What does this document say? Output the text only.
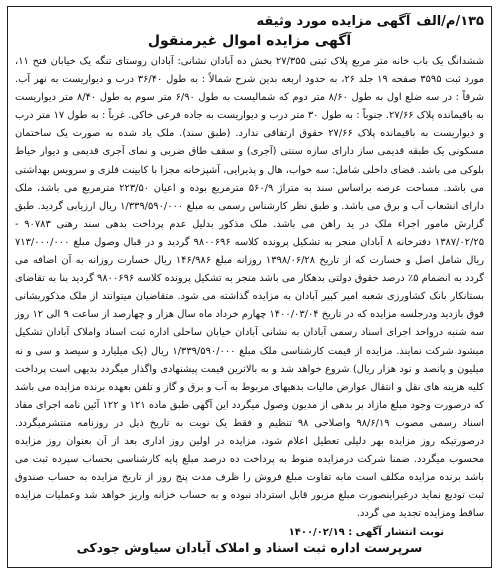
۱۳۵/م/الف
آگهی مزایده مورد وثیقه
آگهی مزایده اموال غیرمنقول

ششدانگ یک باب خانه متر مربع پلاک ثبتی ۲۷/۳۵۵ بخش ده آبادان نشانی: آبادان روستای تنگه یک خیابان فتح ۱۱، مورد ثبت ۳۵۹۵ صفحه ۱۹ جلد ۲۶، به حدود اربعه بدین شرح شمالاً : به طول ۳۶/۴۰ درب و دیواریست به نهر آب. شرقاً : در سه ضلع اول به طول ۸/۶۰ متر دوم که شمالیست به طول ۶/۹۰ متر سوم به طول ۸/۴۰ متر دیواریست به باقیمانده پلاک ۲۷/۶۶. جنوباً : به طول ۳۰ متر درب و دیواریست به جاده فرعی خاکی. غرباً : به طول ۱۷ متر درب و دیواریست به باقیمانده پلاک ۲۷/۶۶ حقوق ارتفاقی ندارد. (طبق سند). ملک یاد شده به صورت یک ساختمان مسکونی یک طبقه قدیمی ساز دارای سازه سنتی (آجری) و سقف طاق ضربی و نمای آجری قدیمی و دیوار حیاط بلوکی می باشد. فضای داخلی شامل: سه خواب، هال و پذیرایی، آشپزخانه مجزا با کابینت فلزی و سرویس بهداشتی می باشد. مساحت عرصه براساس سند به متراژ ۵۶۰/۹ مترمربع بوده و اعیان ۲۲۳/۵۰ مترمربع می باشد، ملک دارای انشعاب آب و برق می باشد. و طبق نظر کارشناس رسمی به مبلغ ۱/۳۳۹/۵۹۰/۰۰۰ ریال ارزیابی گردید. طبق گزارش مامور اجراء ملک در ید راهن می باشد. ملک مذکور بدلیل عدم پرداخت بدهی سند رهنی ۹۰۷۸۳ - ۱۳۸۷/۰۲/۲۵ دفترخانه ۸ آبادان منجر به تشکیل پرونده کلاسه ۹۸۰۰۶۹۶ گردید و در قبال وصول مبلغ ۷۱۳/۰۰۰/۰۰۰ ریال شامل اصل و خسارت که از تاریخ ۱۳۹۸/۰۶/۲۸ روزانه مبلغ ۱۴۶/۹۸۶ ریال خسارت روزانه به آن اضافه می گردد به انضمام ۵٪ درصد حقوق دولتی بدهکار می باشد منجر به تشکیل پرونده کلاسه ۹۸۰۰۶۹۶ گردید بنا به تقاضای بستانکار بانک کشاورزی شعبه امیر کبیر آبادان به مزایده گذاشته می شود. متقاضیان میتوانند از ملک مذکوربشانی فوق بازدید ودرجلسه مزایده که در تاریخ ۱۴۰۰/۰۳/۰۴ چهارم خرداد ماه سال هزار و چهارصد از ساعت ۹ الی ۱۲ روز سه شنبه درواحد اجرای اسناد رسمی آبادان به نشانی آبادان خیابان ساحلی اداره ثبت اسناد واملاک آبادان تشکیل میشود شرکت نمایند. مزایده از قیمت کارشناسی ملک مبلغ ۱/۳۳۹/۵۹۰/۰۰۰ ریال (یک میلیارد و سیصد و سی و نه میلیون و پانصد و نود هزار ریال) شروع خواهد شد و به بالاترین قیمت پیشنهادی واگذار میگردد بدیهی است پرداخت کلیه هزینه های نقل و انتقال عوارض مالیات بدهیهای مربوط به آب و برق و گاز و تلفن بعهده برنده مزایده می باشد که درصورت وجود مبلغ مازاد بر بدهی از مدیون وصول میگردد این آگهی طبق ماده ۱۲۱ و ۱۲۲ آئین نامه اجرای مفاد اسناد رسمی مصوب ۹۸/۶/۱۹ واصلاحی ۹۸ تنظیم و فقط یک نوبت به تاریخ ذیل در روزنامه منتشرمیگردد. درصورتیکه روز مزایده بهر دلیلی تعطیل اعلام شود، مزایده در اولین روز اداری بعد از آن بعنوان روز مزایده محسوب میگردد. ضمنا شرکت درمزایده منوط به پرداخت ده درصد مبلغ پایه کارشناسی بحساب سپرده ثبت می باشد برنده مزایده مکلف است مابه تفاوت مبلغ فروش را ظرف مدت پنج روز از تاریخ مزایده به حساب صندوق ثبت تودیع نماید درغیراینصورت مبلغ مزبور قابل استرداد نبوده و به حساب خزانه واریز خواهد شد وعملیات مزایده ساقط ومزایده تجدید می گردد.

نوبت انتشار آگهی : ۱۴۰۰/۰۲/۱۹
سرپرست اداره ثبت اسناد و املاک آبادان سیاوش جودکی
